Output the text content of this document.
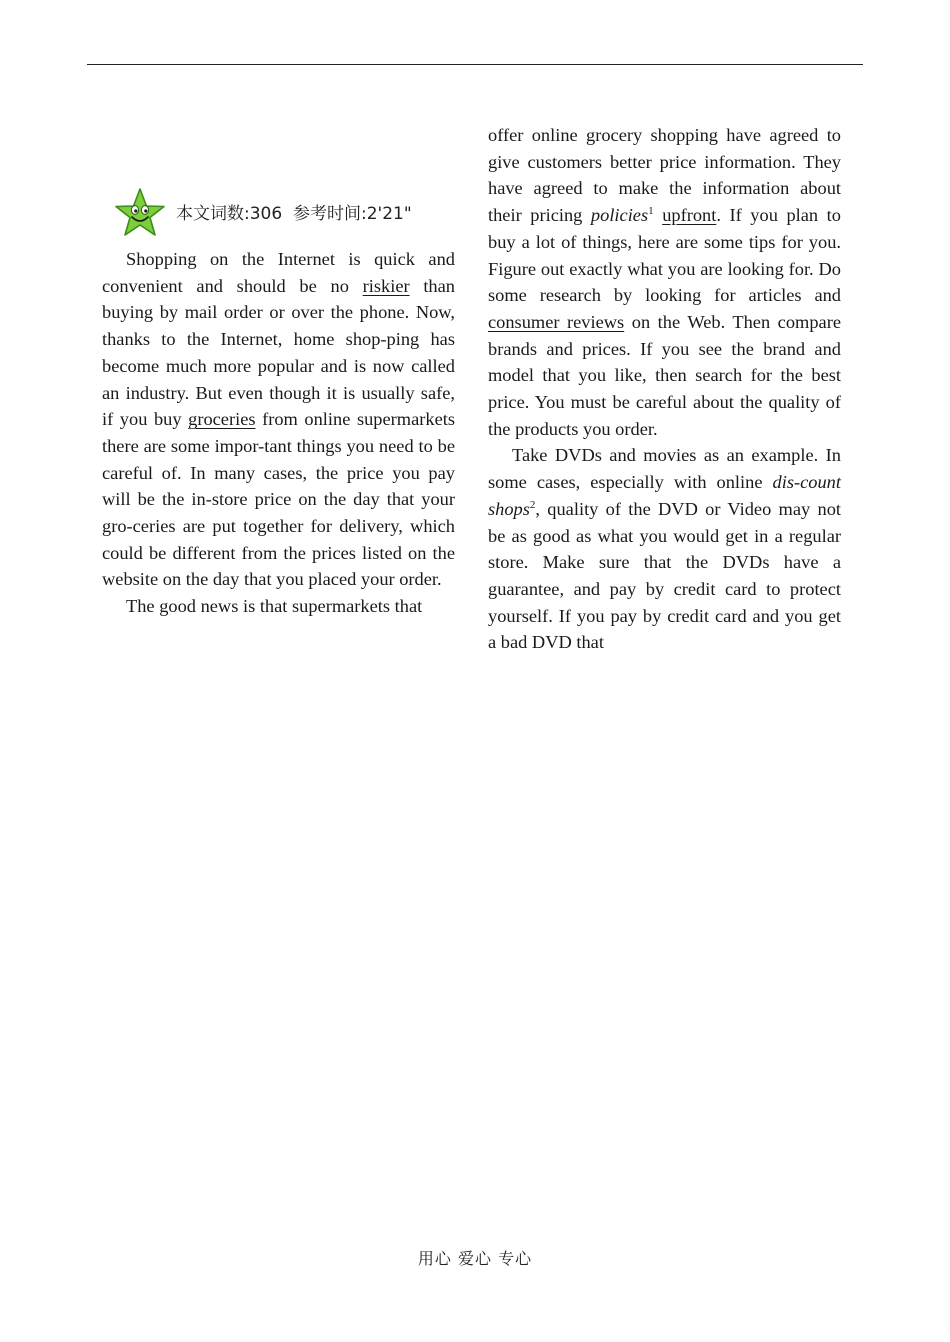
本文词数:306  参考时间:2'21"

Shopping on the Internet is quick and convenient and should be no riskier than buying by mail order or over the phone. Now, thanks to the Internet, home shop-ping has become much more popular and is now called an industry. But even though it is usually safe, if you buy groceries from online supermarkets there are some impor-tant things you need to be careful of. In many cases, the price you pay will be the in-store price on the day that your gro-ceries are put together for delivery, which could be different from the prices listed on the website on the day that you placed your order.

The good news is that supermarkets that

offer online grocery shopping have agreed to give customers better price information. They have agreed to make the information about their pricing policies$^1$ upfront. If you plan to buy a lot of things, here are some tips for you. Figure out exactly what you are looking for. Do some research by looking for articles and consumer reviews on the Web. Then compare brands and prices. If you see the brand and model that you like, then search for the best price. You must be careful about the quality of the products you order.

Take DVDs and movies as an example. In some cases, especially with online dis-count shops$^2$, quality of the DVD or Video may not be as good as what you would get in a regular store. Make sure that the DVDs have a guarantee, and pay by credit card to protect yourself. If you pay by credit card and you get a bad DVD that

用心 爱心 专心
